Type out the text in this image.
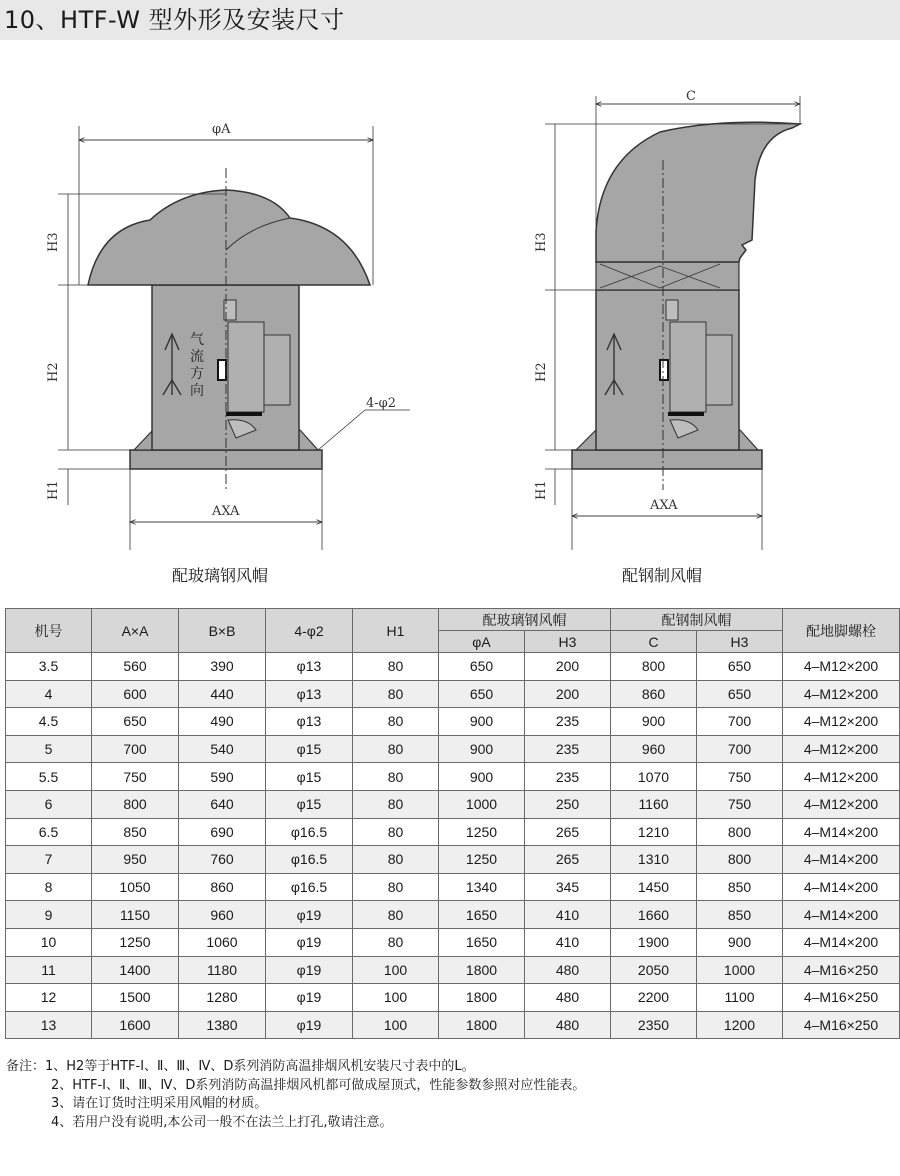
10、HTF-W 型外形及安装尺寸
气
流
方
向
φA
H3
H2
H1
AXA
4-φ2
C
H3
H2
H1
AXA
配玻璃钢风帽	配钢制风帽
机号	A×A	B×B	4-φ2	H1	配玻璃钢风帽		配钢制风帽		配地脚螺栓
					φA	H3	C	H3	
3.5	560	390	φ13	80	650	200	800	650	4–M12×200
4	600	440	φ13	80	650	200	860	650	4–M12×200
4.5	650	490	φ13	80	900	235	900	700	4–M12×200
5	700	540	φ15	80	900	235	960	700	4–M12×200
5.5	750	590	φ15	80	900	235	1070	750	4–M12×200
6	800	640	φ15	80	1000	250	1160	750	4–M12×200
6.5	850	690	φ16.5	80	1250	265	1210	800	4–M14×200
7	950	760	φ16.5	80	1250	265	1310	800	4–M14×200
8	1050	860	φ16.5	80	1340	345	1450	850	4–M14×200
9	1150	960	φ19	80	1650	410	1660	850	4–M14×200
10	1250	1060	φ19	80	1650	410	1900	900	4–M14×200
11	1400	1180	φ19	100	1800	480	2050	1000	4–M16×250
12	1500	1280	φ19	100	1800	480	2200	1100	4–M16×250
13	1600	1380	φ19	100	1800	480	2350	1200	4–M16×250
备注：1、H2等于HTF-Ⅰ、Ⅱ、Ⅲ、Ⅳ、D系列消防高温排烟风机安装尺寸表中的L。
2、HTF-Ⅰ、Ⅱ、Ⅲ、Ⅳ、D系列消防高温排烟风机都可做成屋顶式，性能参数参照对应性能表。
3、请在订货时注明采用风帽的材质。
4、若用户没有说明,本公司一般不在法兰上打孔,敬请注意。
